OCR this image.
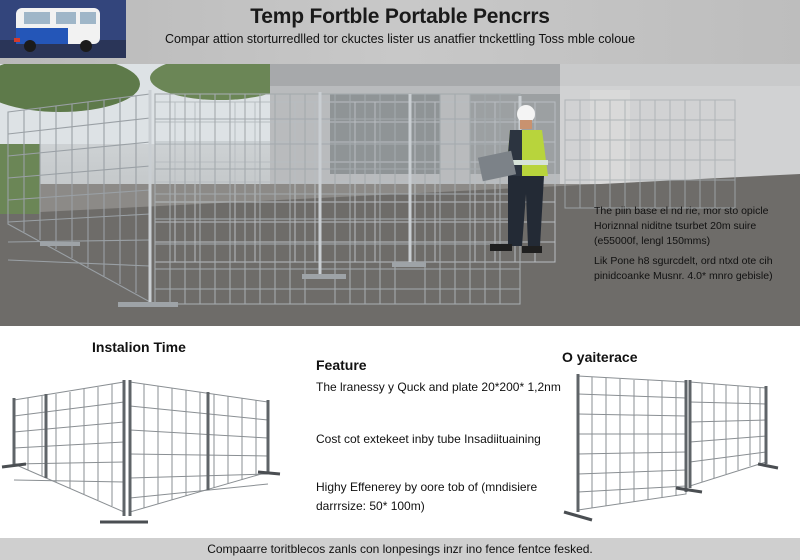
Temp Fortble Portable Pencrrs
Compar attion storturredlled tor ckuctes lister us anatfier tnckettling Toss mble coloue
The piin base el nd rie, mor sto opicle Horiznnal niditne tsurbet 20m suire (e55000f, lengl 150mms)
Lik Pone h8 sgurcdelt, ord ntxd ote cih pinidcoanke Musnr. 4.0* mnro gebisle)
Instalion Time
Feature
The lranessy y Quck and plate 20*200* 1,2nm
Cost cot extekeet inby tube Insadiituaining
Highy Effenerey by oore tob of (mndisiere darrrsize: 50* 100m)
O yaiterace
Compaarre toritblecos zanls con lonpesings inzr ino fence fentce fesked.
